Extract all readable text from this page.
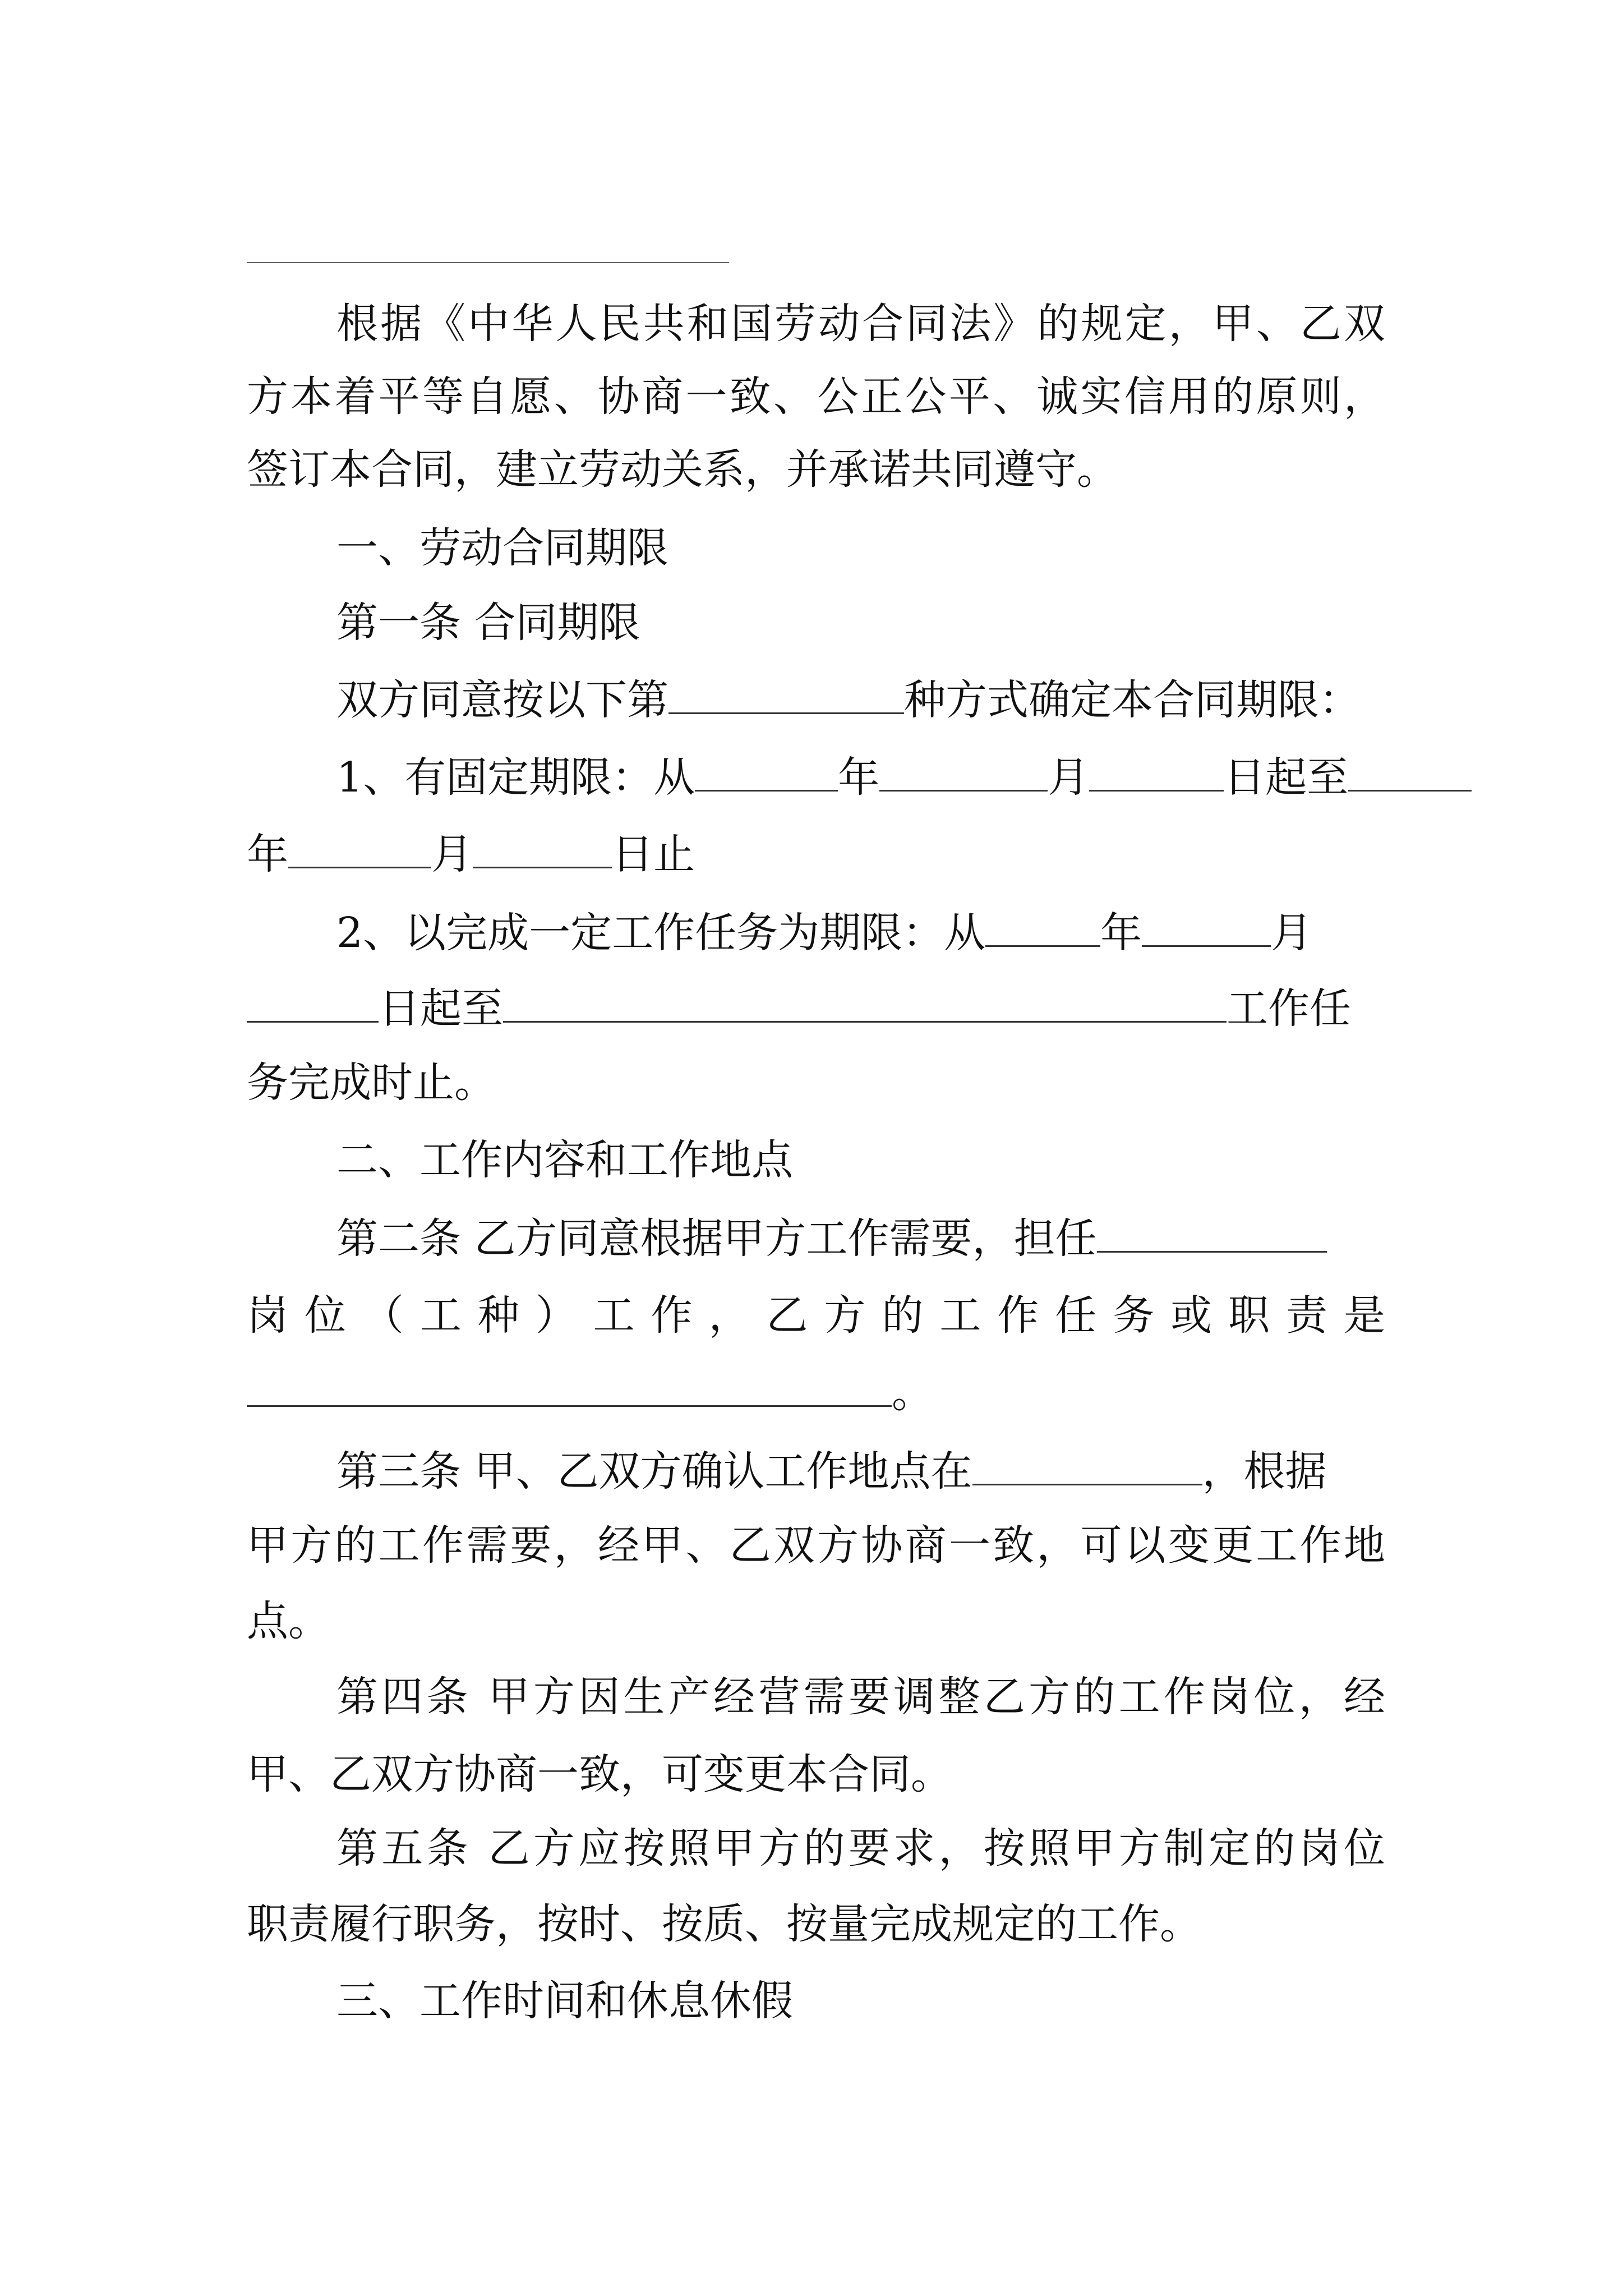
根据《中华人民共和国劳动合同法》的规定，甲、乙双
方本着平等自愿、协商一致、公正公平、诚实信用的原则，
签订本合同，建立劳动关系，并承诺共同遵守。
一、劳动合同期限
第一条 合同期限
双方同意按以下第	种方式确定本合同期限：
1、有固定期限：从	年	月	日起至
年	月	日止
2、以完成一定工作任务为期限：从	年	月
日起至	工作任
务完成时止。
二、工作内容和工作地点
第二条 乙方同意根据甲方工作需要，担任
岗位（工种）工作，乙方的工作任务或职责是
。
第三条 甲、乙双方确认工作地点在	，根据
甲方的工作需要，经甲、乙双方协商一致，可以变更工作地
点。
第四条 甲方因生产经营需要调整乙方的工作岗位，经
甲、乙双方协商一致，可变更本合同。
第五条 乙方应按照甲方的要求，按照甲方制定的岗位
职责履行职务，按时、按质、按量完成规定的工作。
三、工作时间和休息休假
